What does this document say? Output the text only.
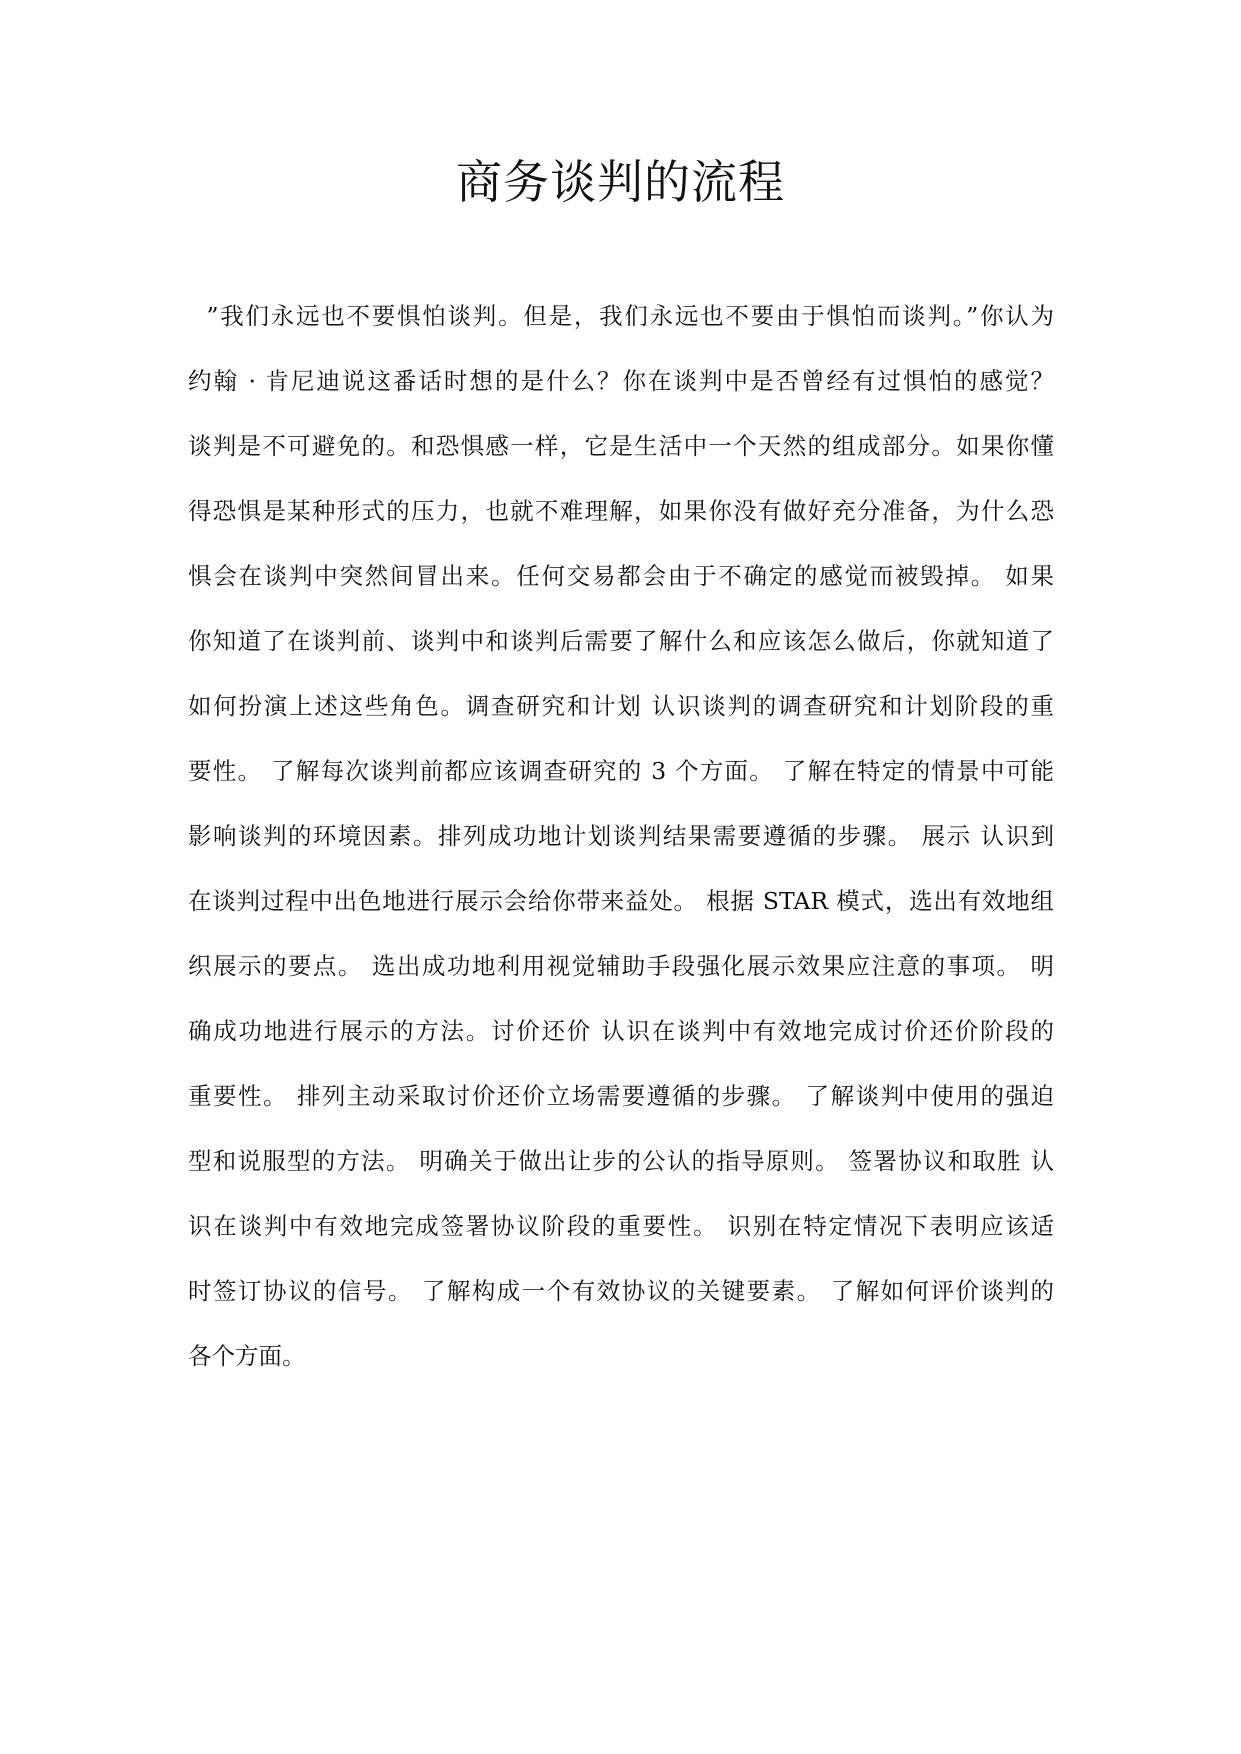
商务谈判的流程
”我们永远也不要惧怕谈判。但是，我们永远也不要由于惧怕而谈判。”你认为
约翰 · 肯尼迪说这番话时想的是什么？你在谈判中是否曾经有过惧怕的感觉？
谈判是不可避免的。和恐惧感一样，它是生活中一个天然的组成部分。如果你懂
得恐惧是某种形式的压力，也就不难理解，如果你没有做好充分准备，为什么恐
惧会在谈判中突然间冒出来。任何交易都会由于不确定的感觉而被毁掉。 如果
你知道了在谈判前、谈判中和谈判后需要了解什么和应该怎么做后，你就知道了
如何扮演上述这些角色。调查研究和计划 认识谈判的调查研究和计划阶段的重
要性。 了解每次谈判前都应该调查研究的 3 个方面。 了解在特定的情景中可能
影响谈判的环境因素。排列成功地计划谈判结果需要遵循的步骤。 展示 认识到
在谈判过程中出色地进行展示会给你带来益处。 根据 STAR 模式，选出有效地组
织展示的要点。 选出成功地利用视觉辅助手段强化展示效果应注意的事项。 明
确成功地进行展示的方法。讨价还价 认识在谈判中有效地完成讨价还价阶段的
重要性。 排列主动采取讨价还价立场需要遵循的步骤。 了解谈判中使用的强迫
型和说服型的方法。 明确关于做出让步的公认的指导原则。 签署协议和取胜 认
识在谈判中有效地完成签署协议阶段的重要性。 识别在特定情况下表明应该适
时签订协议的信号。 了解构成一个有效协议的关键要素。 了解如何评价谈判的
各个方面。
